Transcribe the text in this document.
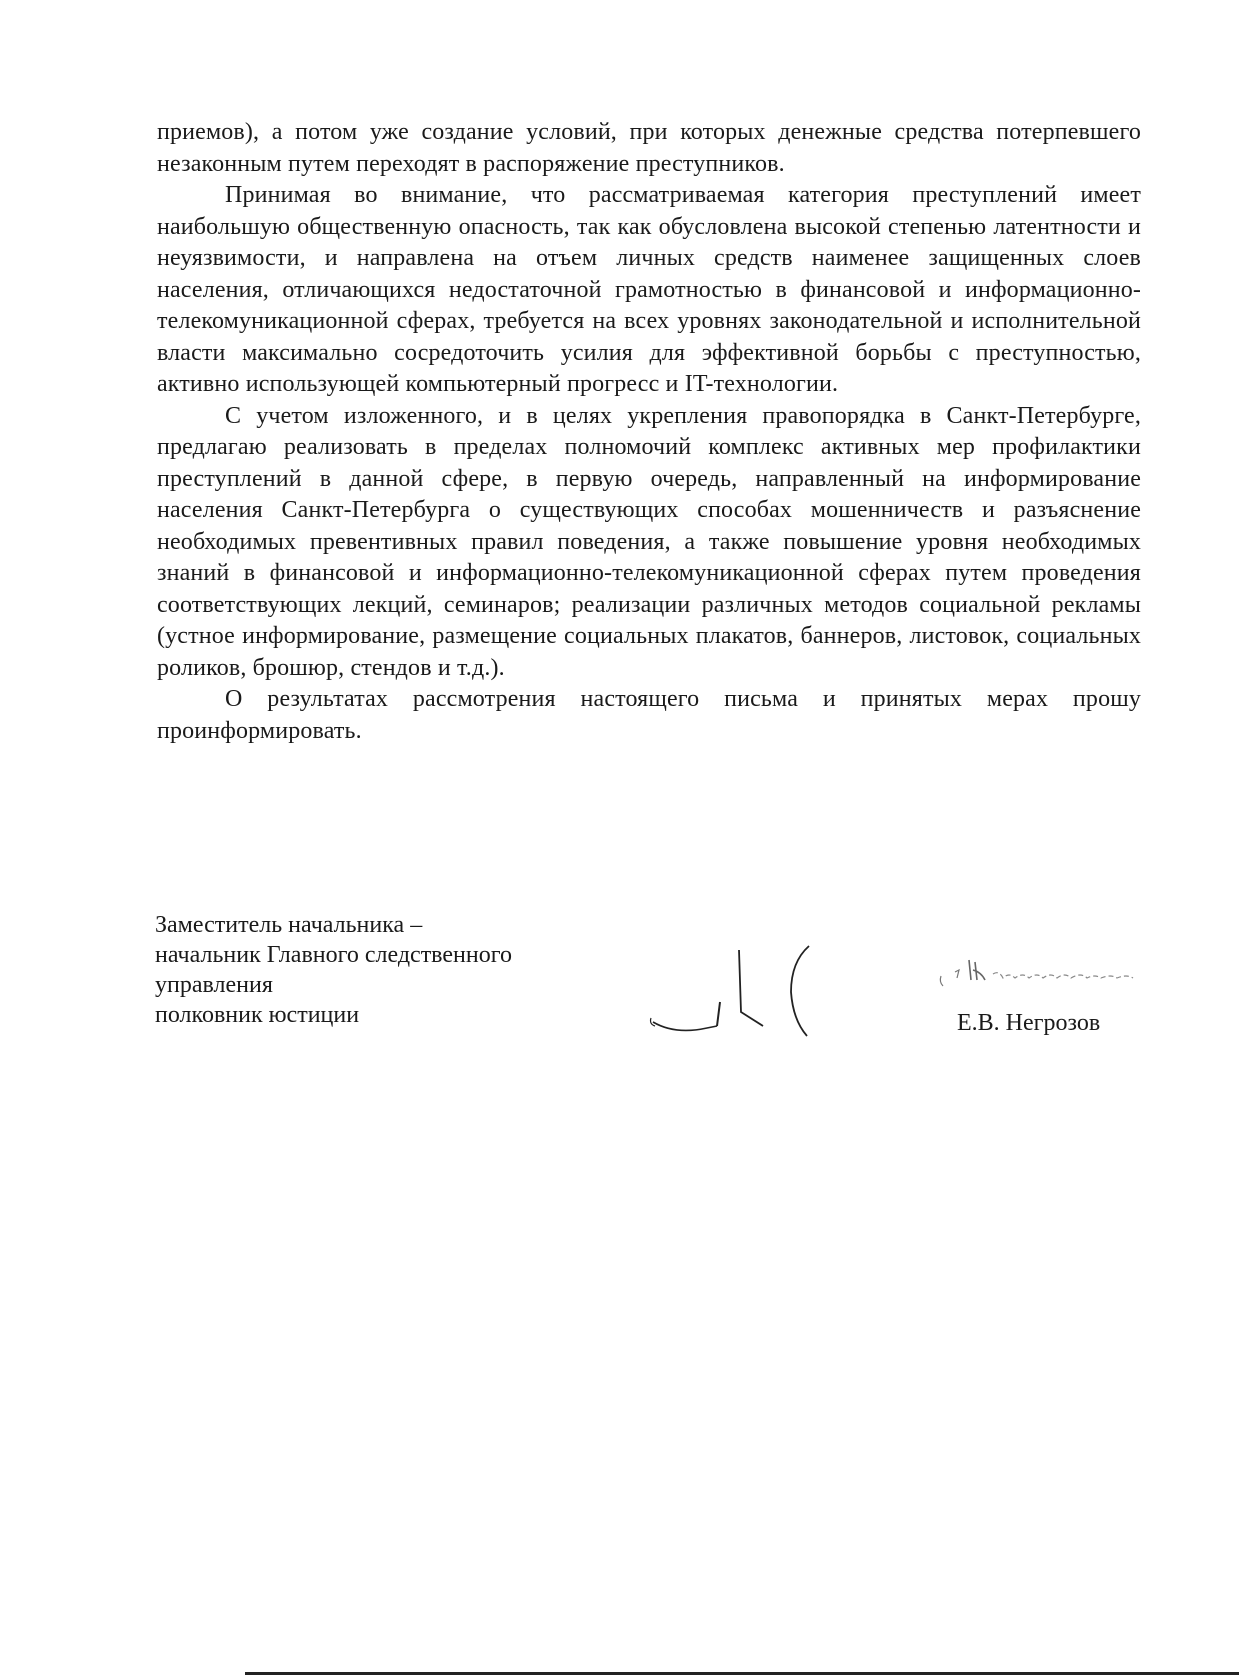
приемов), а потом уже создание условий, при которых денежные средства потерпевшего незаконным путем переходят в распоряжение преступников.

Принимая во внимание, что рассматриваемая категория преступлений имеет наибольшую общественную опасность, так как обусловлена высокой степенью латентности и неуязвимости, и направлена на отъем личных средств наименее защищенных слоев населения, отличающихся недостаточной грамотностью в финансовой и информационно-телекомуникационной сферах, требуется на всех уровнях законодательной и исполнительной власти максимально сосредоточить усилия для эффективной борьбы с преступностью, активно использующей компьютерный прогресс и IT-технологии.

С учетом изложенного, и в целях укрепления правопорядка в Санкт-Петербурге, предлагаю реализовать в пределах полномочий комплекс активных мер профилактики преступлений в данной сфере, в первую очередь, направленный на информирование населения Санкт-Петербурга о существующих способах мошенничеств и разъяснение необходимых превентивных правил поведения, а также повышение уровня необходимых знаний в финансовой и информационно-телекомуникационной сферах путем проведения соответствующих лекций, семинаров; реализации различных методов социальной рекламы (устное информирование, размещение социальных плакатов, баннеров, листовок, социальных роликов, брошюр, стендов и т.д.).

О результатах рассмотрения настоящего письма и принятых мерах прошу проинформировать.

Заместитель начальника –
начальник Главного следственного
управления
полковник юстиции	Е.В. Негрозов
